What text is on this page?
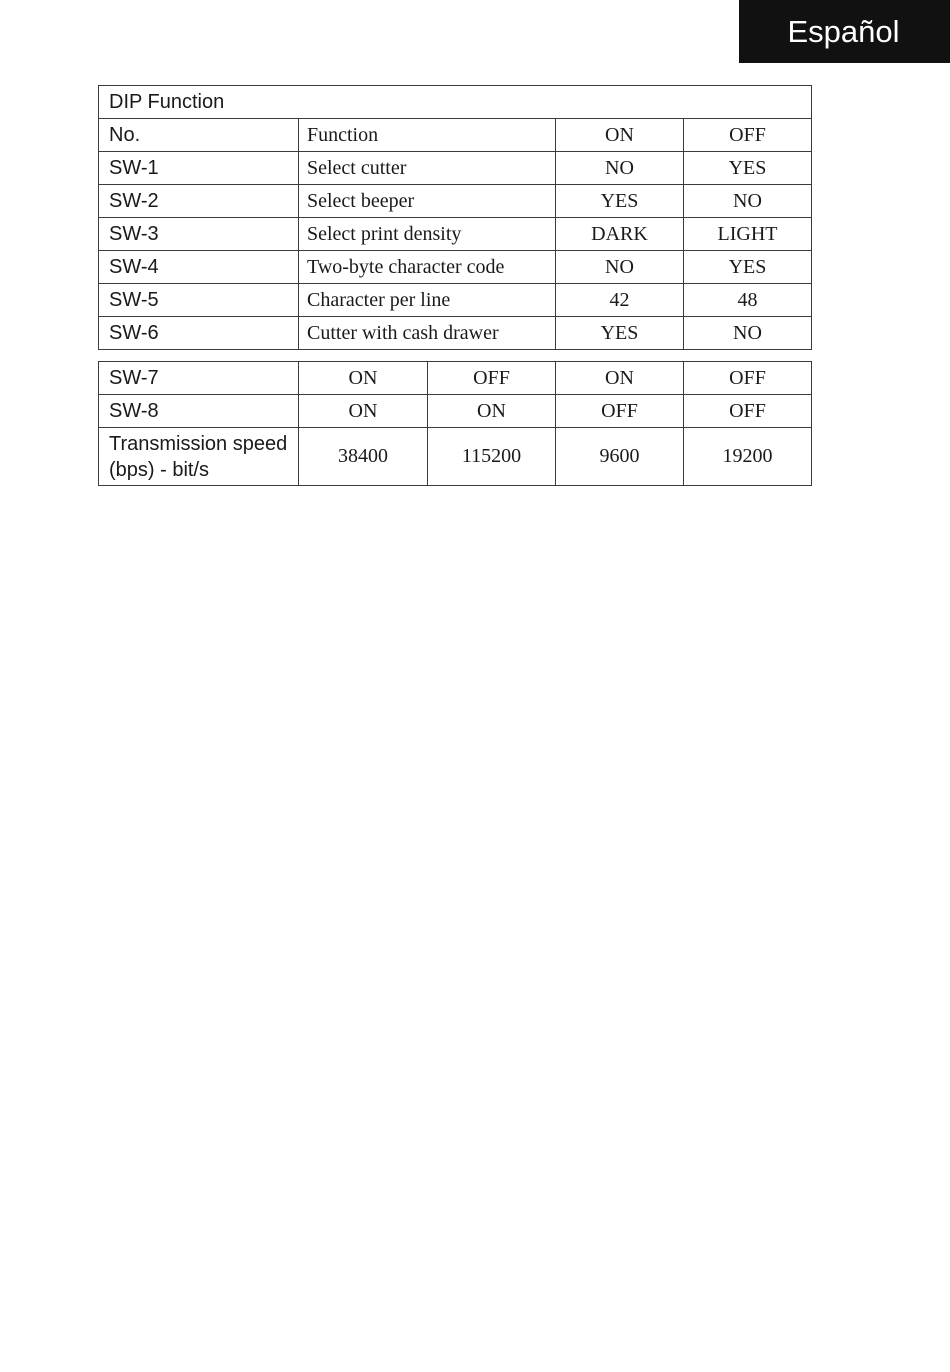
Español
DIP Function			
No.	Function	ON	OFF
SW-1	Select cutter	NO	YES
SW-2	Select beeper	YES	NO
SW-3	Select print density	DARK	LIGHT
SW-4	Two-byte character code	NO	YES
SW-5	Character per line	42	48
SW-6	Cutter with cash drawer	YES	NO
SW-7	ON	OFF	ON	OFF
SW-8	ON	ON	OFF	OFF
Transmission speed (bps) - bit/s	38400	115200	9600	19200
